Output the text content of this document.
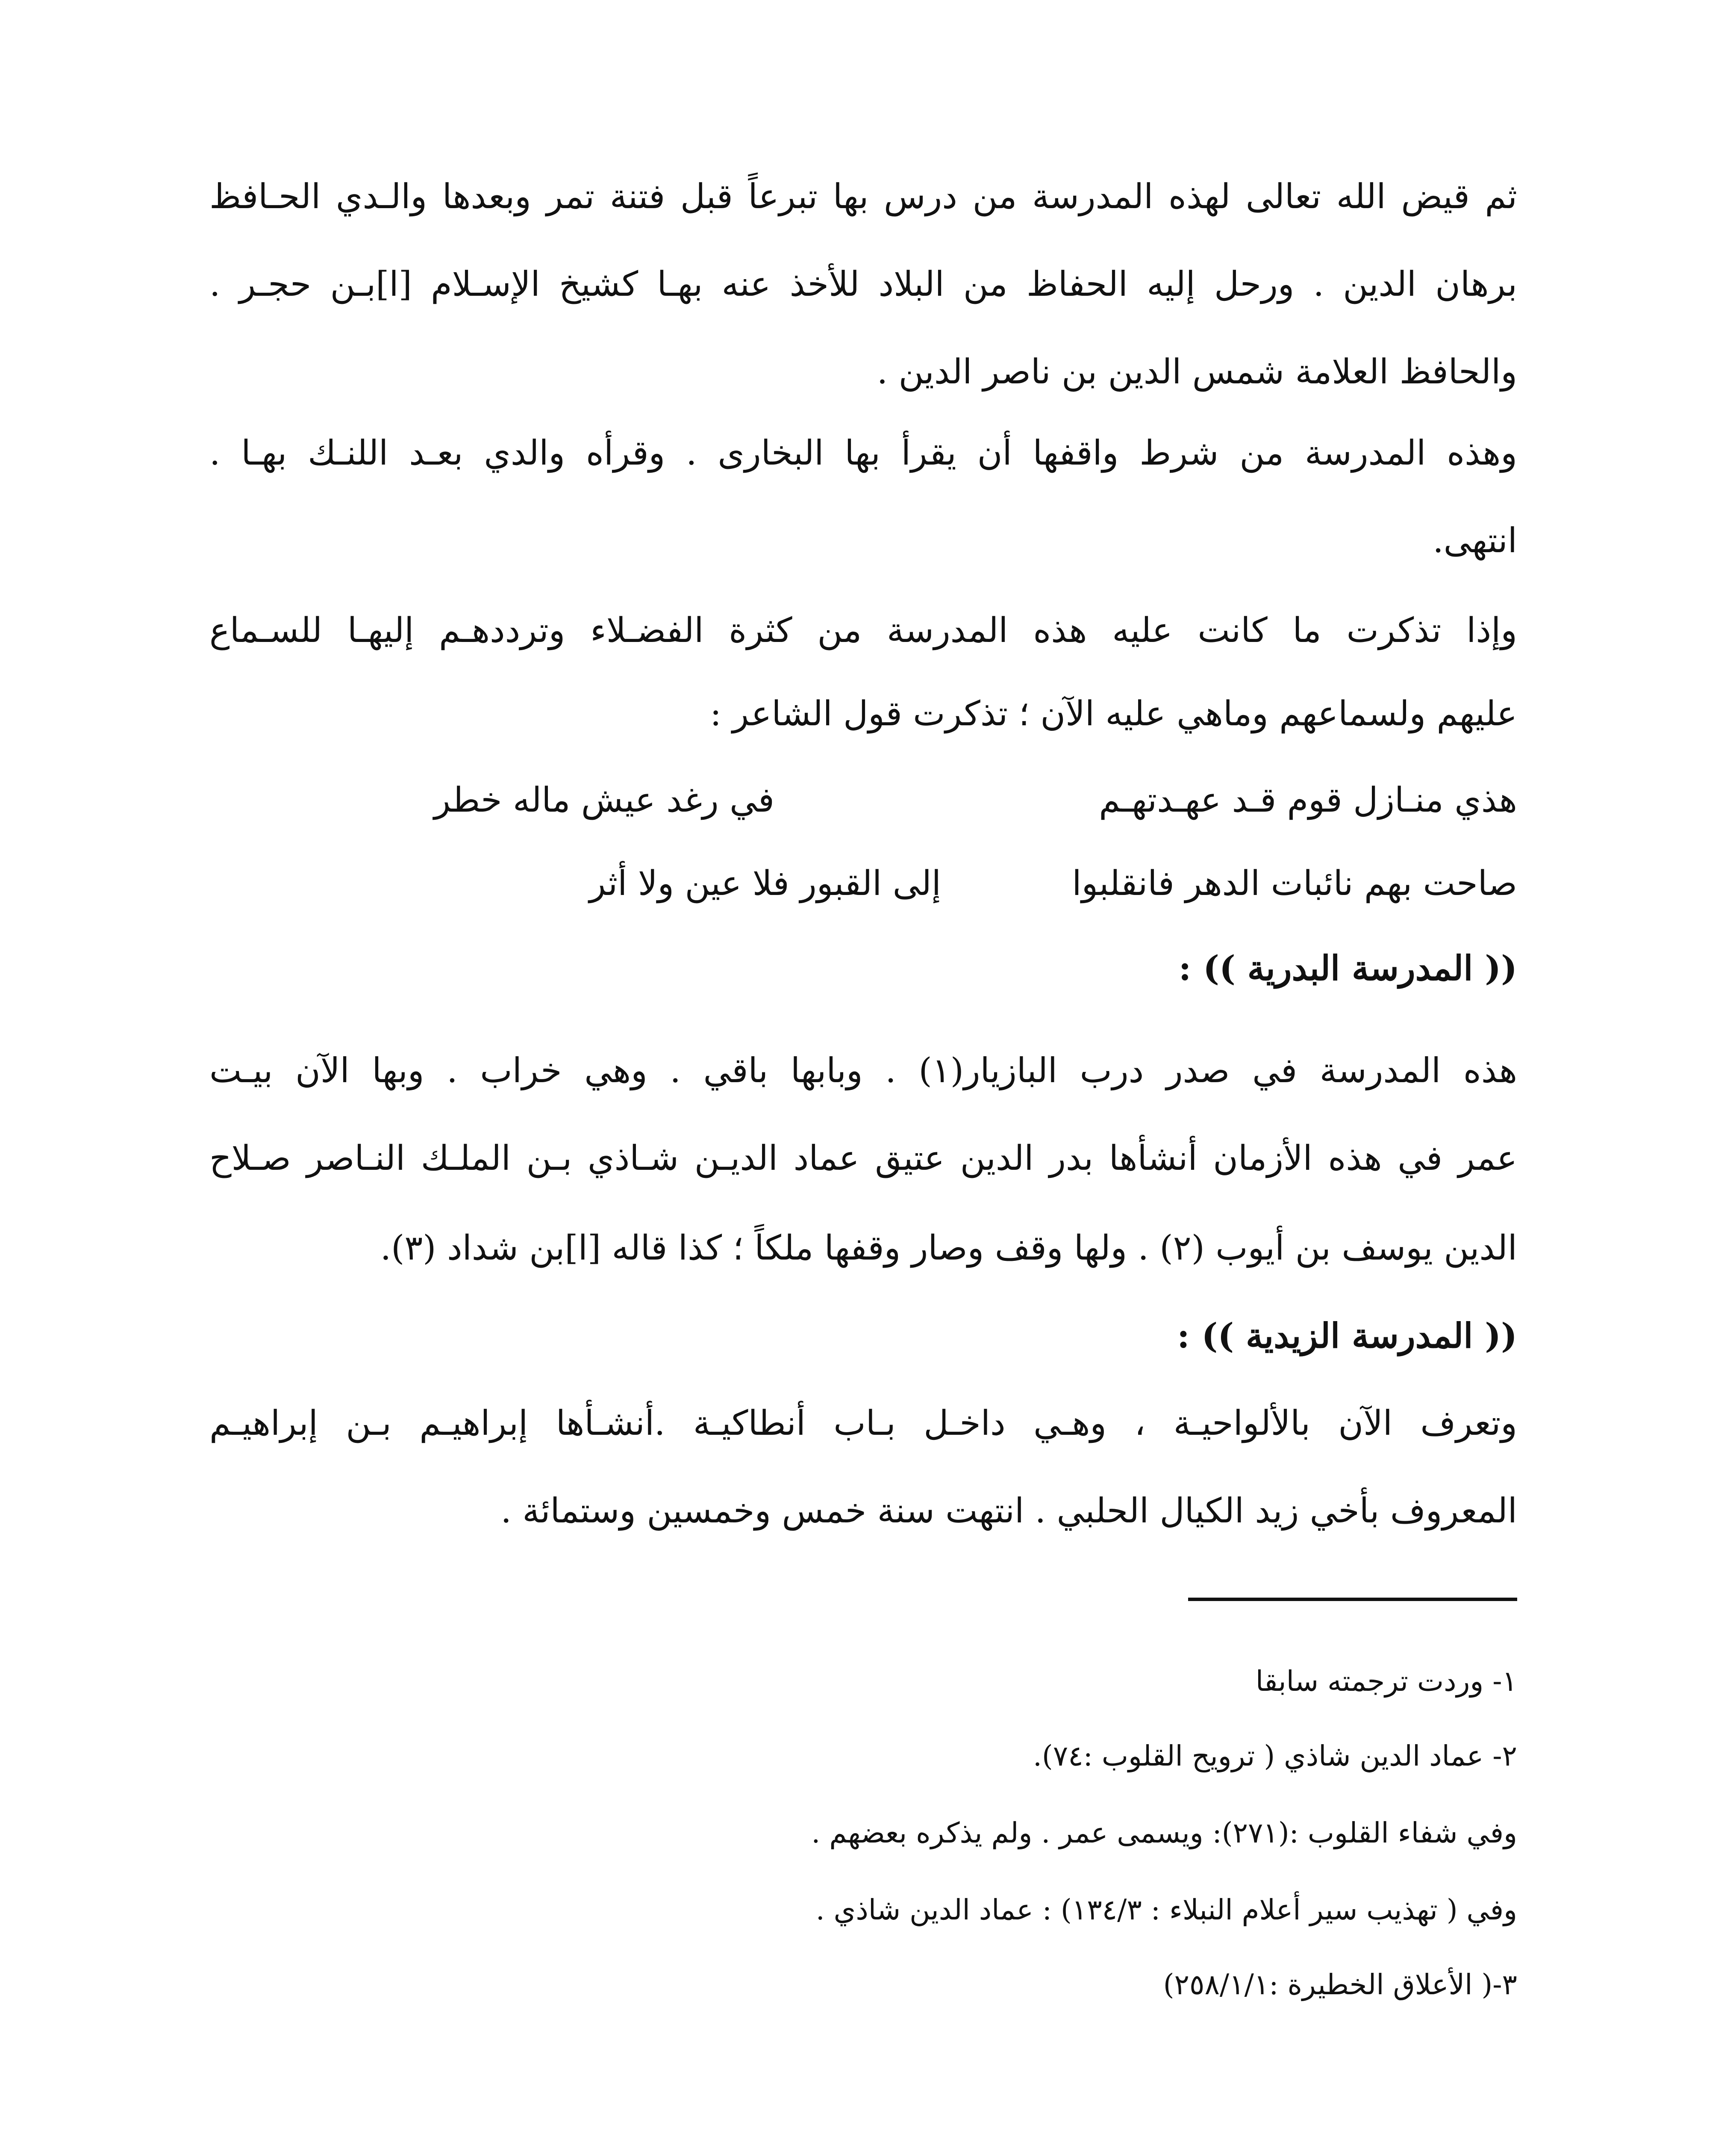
ثم قيض الله تعالى لهذه المدرسة من درس بها تبرعاً قبل فتنة تمر وبعدها والـدي الحـافظ
برهان الدين . ورحل إليه الحفاظ من البلاد للأخذ عنه بهـا كشيخ الإسـلام [ا]بـن حجـر .
والحافظ العلامة شمس الدين بن ناصر الدين .
وهذه المدرسة من شرط واقفها أن يقرأ بها البخارى . وقرأه والدي بعـد اللنـك بهـا .
انتهى.
وإذا تذكرت ما كانت عليه هذه المدرسة من كثرة الفضـلاء وترددهـم إليهـا للسـماع
عليهم ولسماعهم وماهي عليه الآن ؛ تذكرت قول الشاعر :
هذي منـازل قوم قـد عهـدتهـم
في رغد عيش ماله خطر
صاحت بهم نائبات الدهر فانقلبوا
إلى القبور فلا عين ولا أثر
(( المدرسة البدرية )) :
هذه المدرسة في صدر درب البازيار(١) . وبابها باقي . وهي خراب . وبها الآن بيـت
عمر في هذه الأزمان أنشأها بدر الدين عتيق عماد الديـن شـاذي بـن الملـك النـاصر صـلاح
الدين يوسف بن أيوب (٢) . ولها وقف وصار وقفها ملكاً ؛ كذا قاله [ا]بن شداد (٣).
(( المدرسة الزيدية )) :
وتعرف الآن بالألواحيـة ، وهـي داخـل بـاب أنطاكيـة .أنشـأها إبراهيـم بـن إبراهيـم
المعروف بأخي زيد الكيال الحلبي . انتهت سنة خمس وخمسين وستمائة .
١- وردت ترجمته سابقا
٢- عماد الدين شاذي ( ترويح القلوب :٧٤).
وفي شفاء القلوب :(٢٧١): ويسمى عمر . ولم يذكره بعضهم .
وفي ( تهذيب سير أعلام النبلاء : ١٣٤/٣) : عماد الدين شاذي .
٣-( الأعلاق الخطيرة :٢٥٨/١/١)
